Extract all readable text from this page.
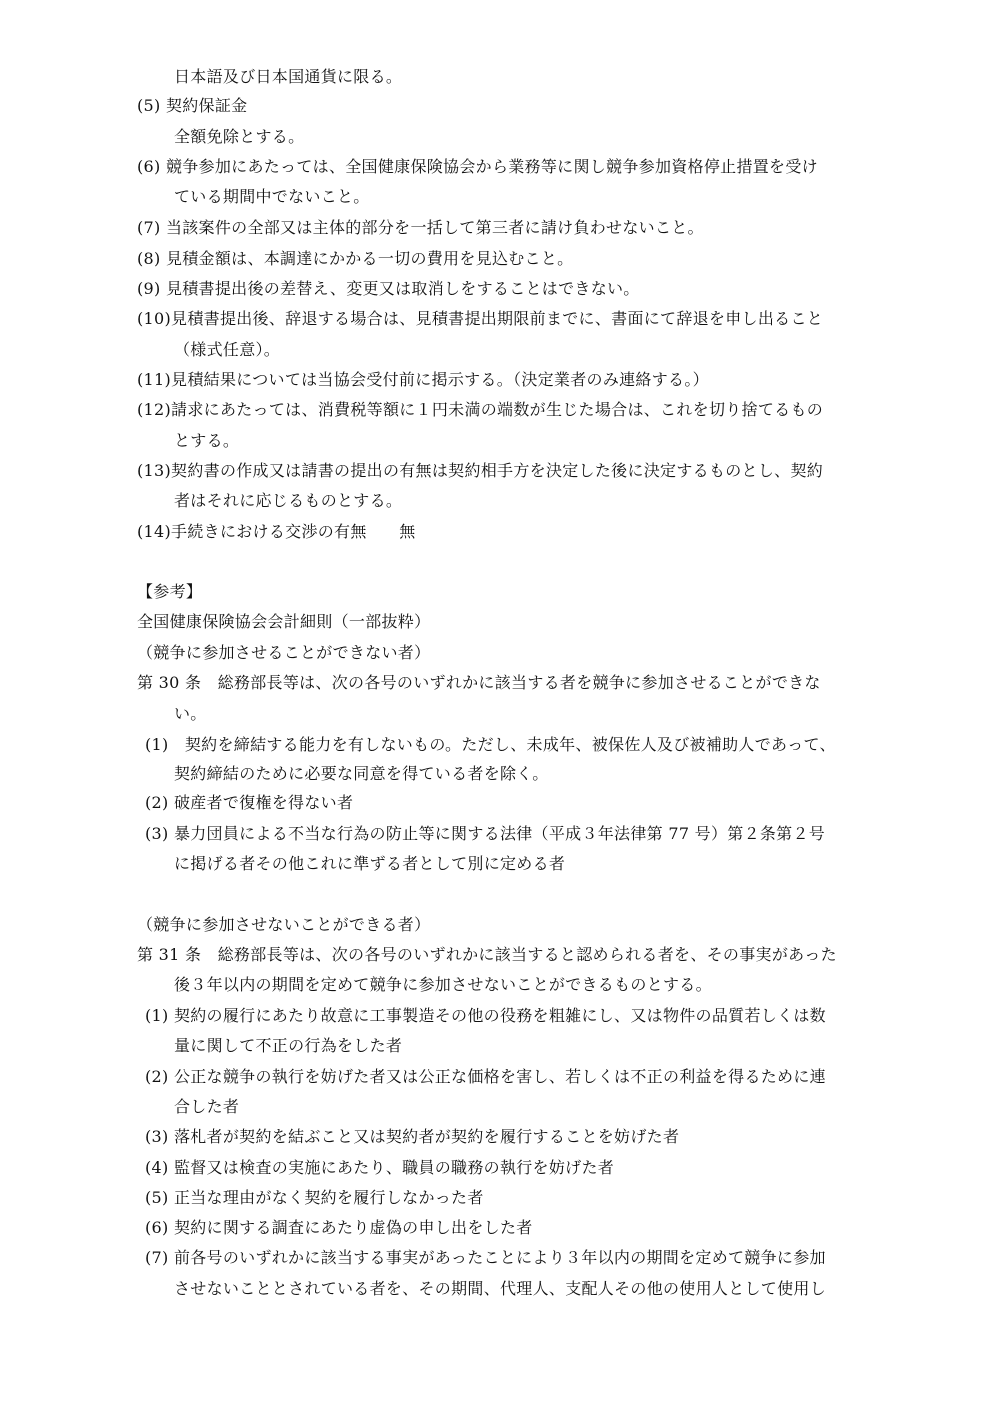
日本語及び日本国通貨に限る。
(5) 契約保証金
全額免除とする。
(6) 競争参加にあたっては、全国健康保険協会から業務等に関し競争参加資格停止措置を受け
ている期間中でないこと。
(7) 当該案件の全部又は主体的部分を一括して第三者に請け負わせないこと。
(8) 見積金額は、本調達にかかる一切の費用を見込むこと。
(9) 見積書提出後の差替え、変更又は取消しをすることはできない。
(10)見積書提出後、辞退する場合は、見積書提出期限前までに、書面にて辞退を申し出ること
（様式任意）。
(11)見積結果については当協会受付前に掲示する。（決定業者のみ連絡する。）
(12)請求にあたっては、消費税等額に１円未満の端数が生じた場合は、これを切り捨てるもの
とする。
(13)契約書の作成又は請書の提出の有無は契約相手方を決定した後に決定するものとし、契約
者はそれに応じるものとする。
(14)手続きにおける交渉の有無　　無
【参考】
全国健康保険協会会計細則（一部抜粋）
（競争に参加させることができない者）
第 30 条　総務部長等は、次の各号のいずれかに該当する者を競争に参加させることができな
い。
(1)　契約を締結する能力を有しないもの。ただし、未成年、被保佐人及び被補助人であって、
契約締結のために必要な同意を得ている者を除く。
(2) 破産者で復権を得ない者
(3) 暴力団員による不当な行為の防止等に関する法律（平成３年法律第 77 号）第２条第２号
に掲げる者その他これに準ずる者として別に定める者
（競争に参加させないことができる者）
第 31 条　総務部長等は、次の各号のいずれかに該当すると認められる者を、その事実があった
後３年以内の期間を定めて競争に参加させないことができるものとする。
(1) 契約の履行にあたり故意に工事製造その他の役務を粗雑にし、又は物件の品質若しくは数
量に関して不正の行為をした者
(2) 公正な競争の執行を妨げた者又は公正な価格を害し、若しくは不正の利益を得るために連
合した者
(3) 落札者が契約を結ぶこと又は契約者が契約を履行することを妨げた者
(4) 監督又は検査の実施にあたり、職員の職務の執行を妨げた者
(5) 正当な理由がなく契約を履行しなかった者
(6) 契約に関する調査にあたり虚偽の申し出をした者
(7) 前各号のいずれかに該当する事実があったことにより３年以内の期間を定めて競争に参加
させないこととされている者を、その期間、代理人、支配人その他の使用人として使用し
